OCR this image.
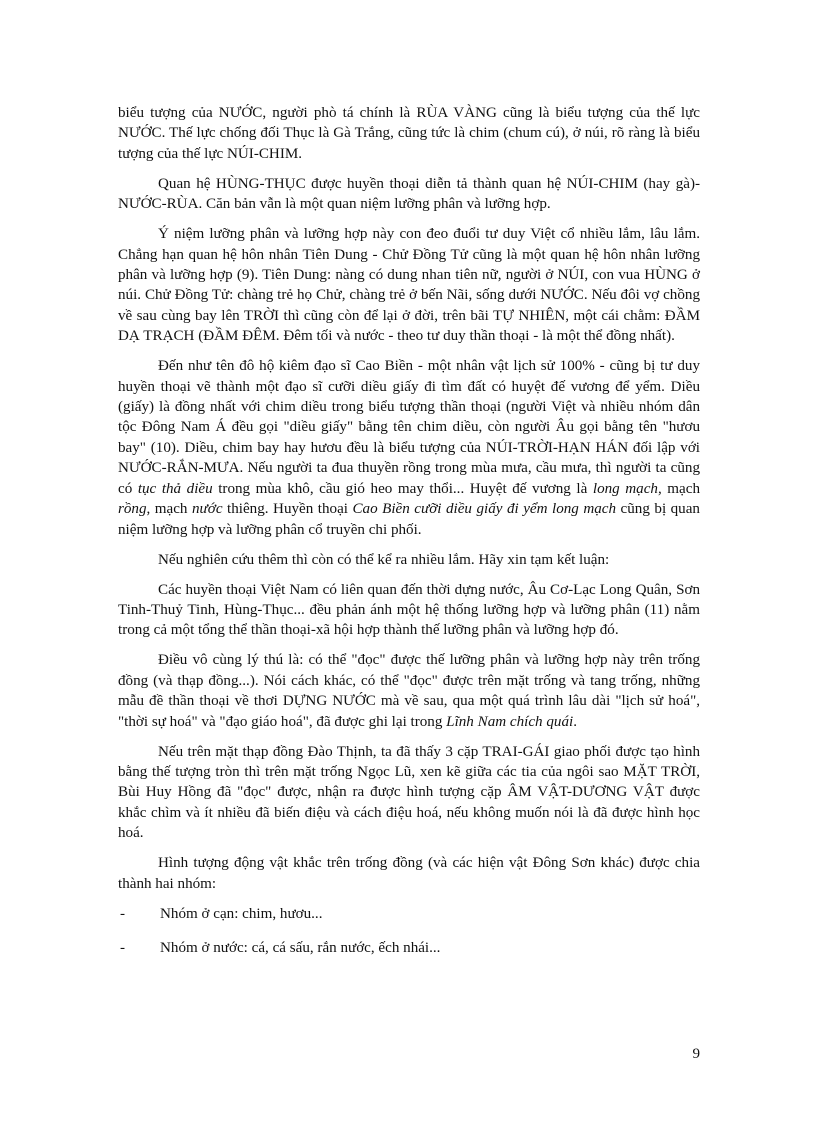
biểu tượng của NƯỚC, người phò tá chính là RÙA VÀNG cũng là biểu tượng của thế lực NƯỚC. Thế lực chống đối Thục là Gà Trắng, cũng tức là chim (chum cú), ở núi, rõ ràng là biểu tượng của thế lực NÚI-CHIM.

Quan hệ HÙNG-THỤC được huyền thoại diễn tả thành quan hệ NÚI-CHIM (hay gà)-NƯỚC-RÙA. Căn bản vẫn là một quan niệm lưỡng phân và lưỡng hợp.

Ý niệm lưỡng phân và lưỡng hợp này con đeo đuổi tư duy Việt cổ nhiều lắm, lâu lắm. Chẳng hạn quan hệ hôn nhân Tiên Dung - Chử Đồng Tử cũng là một quan hệ hôn nhân lưỡng phân và lưỡng hợp (9). Tiên Dung: nàng có dung nhan tiên nữ, người ở NÚI, con vua HÙNG ở núi. Chử Đồng Tử: chàng trẻ họ Chử, chàng trẻ ở bến Nãi, sống dưới NƯỚC. Nếu đôi vợ chồng về sau cùng bay lên TRỜI thì cũng còn để lại ở đời, trên bãi TỰ NHIÊN, một cái chằm: ĐẦM DẠ TRẠCH (ĐẦM ĐÊM. Đêm tối và nước - theo tư duy thần thoại - là một thể đồng nhất).

Đến như tên đô hộ kiêm đạo sĩ Cao Biền - một nhân vật lịch sử 100% - cũng bị tư duy huyền thoại vẽ thành một đạo sĩ cưỡi diều giấy đi tìm đất có huyệt đế vương để yểm. Diều (giấy) là đồng nhất với chim diều trong biểu tượng thần thoại (người Việt và nhiều nhóm dân tộc Đông Nam Á đều gọi "diều giấy" bằng tên chim diều, còn người Âu gọi bằng tên "hươu bay" (10). Diều, chim bay hay hươu đều là biểu tượng của NÚI-TRỜI-HẠN HÁN đối lập với NƯỚC-RẮN-MƯA. Nếu người ta đua thuyền rồng trong mùa mưa, cầu mưa, thì người ta cũng có tục thả diều trong mùa khô, cầu gió heo may thổi... Huyệt đế vương là long mạch, mạch rồng, mạch nước thiêng. Huyền thoại Cao Biền cưỡi diều giấy đi yểm long mạch cũng bị quan niệm lưỡng hợp và lưỡng phân cổ truyền chi phối.

Nếu nghiên cứu thêm thì còn có thể kể ra nhiều lắm. Hãy xin tạm kết luận:

Các huyền thoại Việt Nam có liên quan đến thời dựng nước, Âu Cơ-Lạc Long Quân, Sơn Tinh-Thuỷ Tinh, Hùng-Thục... đều phản ánh một hệ thống lưỡng hợp và lưỡng phân (11) nằm trong cả một tổng thể thần thoại-xã hội hợp thành thế lưỡng phân và lưỡng hợp đó.

Điều vô cùng lý thú là: có thể "đọc" được thế lưỡng phân và lưỡng hợp này trên trống đồng (và thạp đồng...). Nói cách khác, có thể "đọc" được trên mặt trống và tang trống, những mẫu đề thần thoại về thơi DỰNG NƯỚC mà về sau, qua một quá trình lâu dài "lịch sử hoá", "thời sự hoá" và "đạo giáo hoá", đã được ghi lại trong Lĩnh Nam chích quái.

Nếu trên mặt thạp đồng Đào Thịnh, ta đã thấy 3 cặp TRAI-GÁI giao phối được tạo hình bằng thế tượng tròn thì trên mặt trống Ngọc Lũ, xen kẽ giữa các tia của ngôi sao MẶT TRỜI, Bùi Huy Hồng đã "đọc" được, nhận ra được hình tượng cặp ÂM VẬT-DƯƠNG VẬT được khắc chìm và ít nhiều đã biến điệu và cách điệu hoá, nếu không muốn nói là đã được hình học hoá.

Hình tượng động vật khắc trên trống đồng (và các hiện vật Đông Sơn khác) được chia thành hai nhóm:

- Nhóm ở cạn: chim, hươu...
- Nhóm ở nước: cá, cá sấu, rắn nước, ếch nhái...
9
